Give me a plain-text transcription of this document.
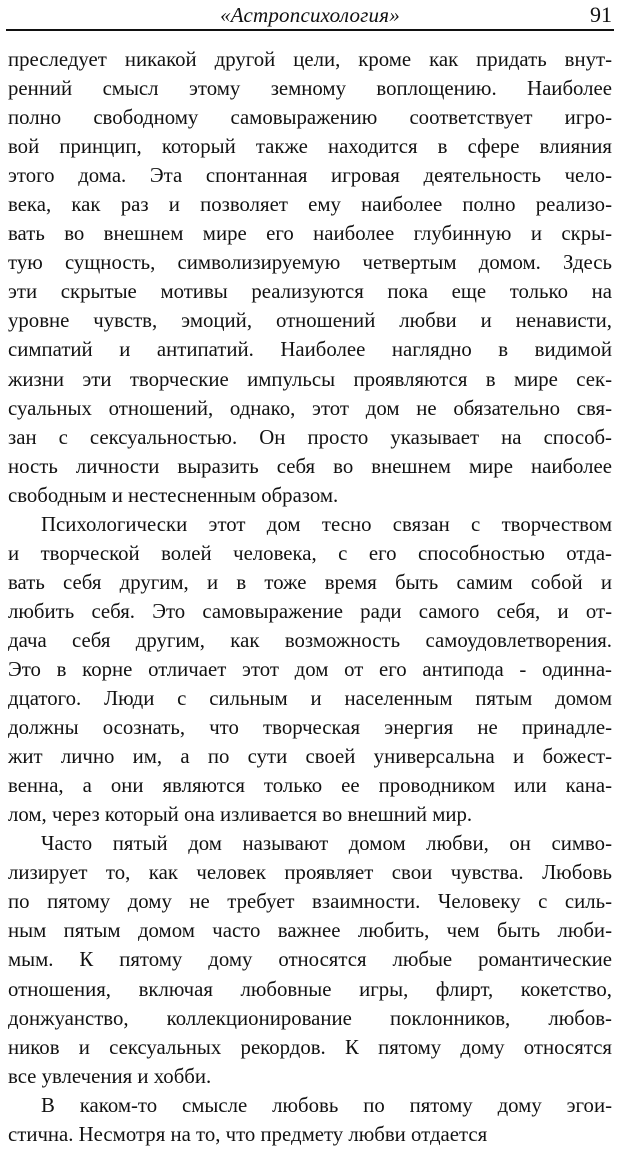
«Астропсихология»	91
преследует никакой другой цели, кроме как придать внут-
ренний смысл этому земному воплощению. Наиболее
полно свободному самовыражению соответствует игро-
вой принцип, который также находится в сфере влияния
этого дома. Эта спонтанная игровая деятельность чело-
века, как раз и позволяет ему наиболее полно реализо-
вать во внешнем мире его наиболее глубинную и скры-
тую сущность, символизируемую четвертым домом. Здесь
эти скрытые мотивы реализуются пока еще только на
уровне чувств, эмоций, отношений любви и ненависти,
симпатий и антипатий. Наиболее наглядно в видимой
жизни эти творческие импульсы проявляются в мире сек-
суальных отношений, однако, этот дом не обязательно свя-
зан с сексуальностью. Он просто указывает на способ-
ность личности выразить себя во внешнем мире наиболее
свободным и нестесненным образом.
Психологически этот дом тесно связан с творчеством
и творческой волей человека, с его способностью отда-
вать себя другим, и в тоже время быть самим собой и
любить себя. Это самовыражение ради самого себя, и от-
дача себя другим, как возможность самоудовлетворения.
Это в корне отличает этот дом от его антипода - одинна-
дцатого. Люди с сильным и населенным пятым домом
должны осознать, что творческая энергия не принадле-
жит лично им, а по сути своей универсальна и божест-
венна, а они являются только ее проводником или кана-
лом, через который она изливается во внешний мир.
Часто пятый дом называют домом любви, он симво-
лизирует то, как человек проявляет свои чувства. Любовь
по пятому дому не требует взаимности. Человеку с силь-
ным пятым домом часто важнее любить, чем быть люби-
мым. К пятому дому относятся любые романтические
отношения, включая любовные игры, флирт, кокетство,
донжуанство, коллекционирование поклонников, любов-
ников и сексуальных рекордов. К пятому дому относятся
все увлечения и хобби.
В каком-то смысле любовь по пятому дому эгои-
стична. Несмотря на то, что предмету любви отдается
